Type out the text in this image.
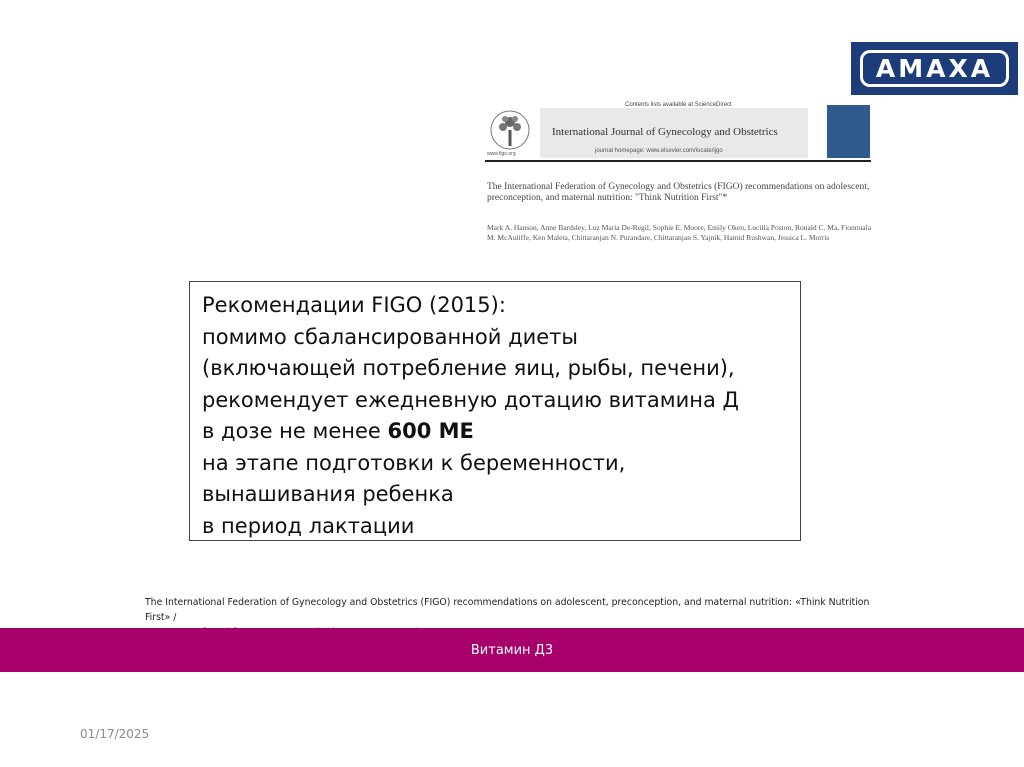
AMAXA
Contents lists available at ScienceDirect
www.figo.org
International Journal of Gynecology and Obstetrics
journal homepage: www.elsevier.com/locate/ijgo
The International Federation of Gynecology and Obstetrics (FIGO) recommendations on adolescent, preconception, and maternal nutrition: "Think Nutrition First"*
Mark A. Hanson, Anne Bardsley, Luz Maria De-Regil, Sophie E. Moore, Emily Oken, Lucilla Poston, Ronald C. Ma, Fionnuala M. McAuliffe, Ken Maleta, Chittaranjan N. Purandare, Chittaranjan S. Yajnik, Hamid Rushwan, Jessica L. Morris
Рекомендации FIGO (2015):
помимо сбалансированной диеты
(включающей потребление яиц, рыбы, печени),
рекомендует ежедневную дотацию витамина Д
в дозе не менее 600 МЕ
на этапе подготовки к беременности,
вынашивания ребенка
в период лактации
The International Federation of Gynecology and Obstetrics (FIGO) recommendations on adolescent, preconception, and maternal nutrition: «Think Nutrition First» /
Витамин Д3
01/17/2025
